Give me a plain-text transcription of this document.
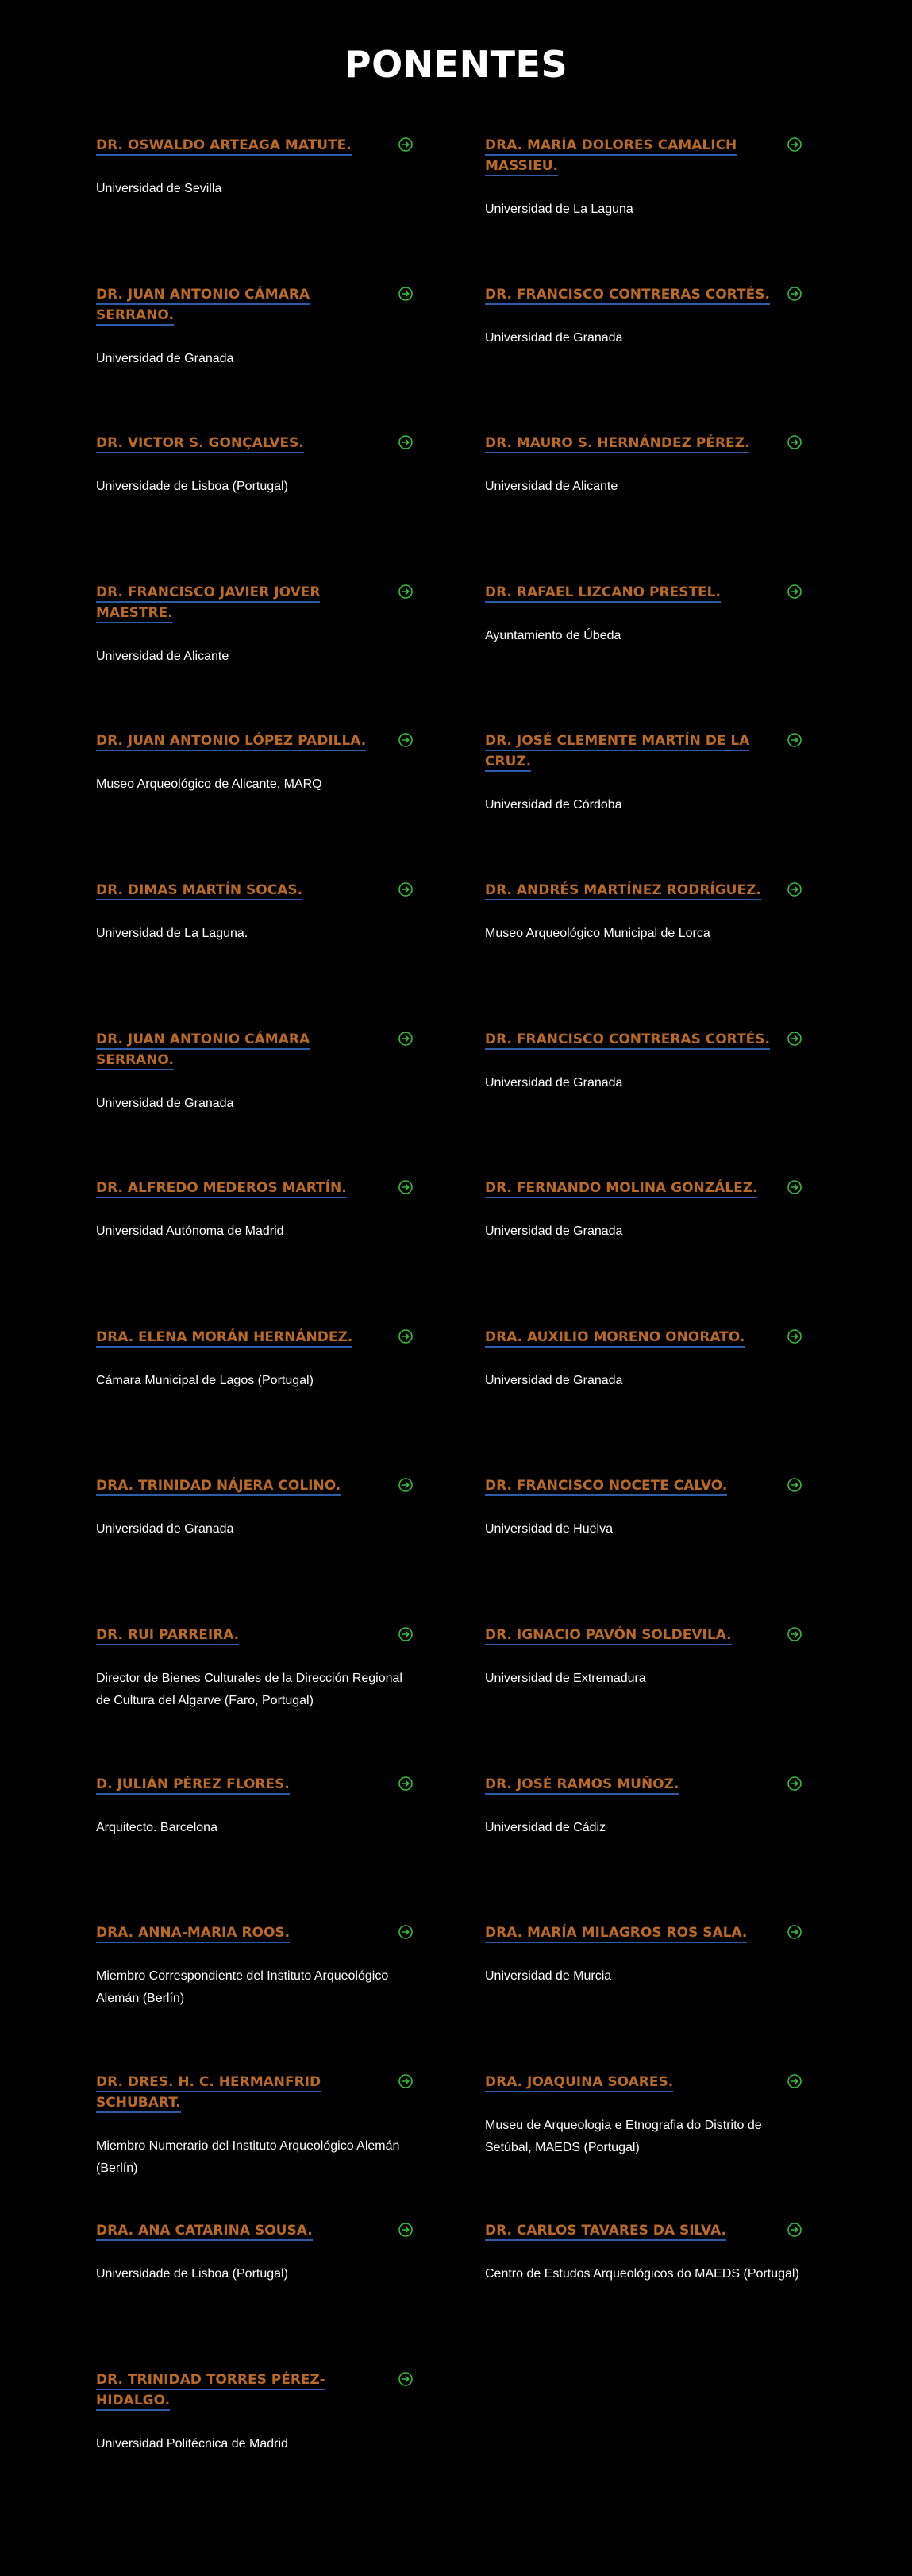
PONENTES
DR. OSWALDO ARTEAGA MATUTE.
Universidad de Sevilla
DRA. MARÍA DOLORES CAMALICH MASSIEU.
Universidad de La Laguna
DR. JUAN ANTONIO CÁMARA SERRANO.
Universidad de Granada
DR. FRANCISCO CONTRERAS CORTÉS.
Universidad de Granada
DR. VICTOR S. GONÇALVES.
Universidade de Lisboa (Portugal)
DR. MAURO S. HERNÁNDEZ PÉREZ.
Universidad de Alicante
DR. FRANCISCO JAVIER JOVER MAESTRE.
Universidad de Alicante
DR. RAFAEL LIZCANO PRESTEL.
Ayuntamiento de Úbeda
DR. JUAN ANTONIO LÓPEZ PADILLA.
Museo Arqueológico de Alicante, MARQ
DR. JOSÉ CLEMENTE MARTÍN DE LA CRUZ.
Universidad de Córdoba
DR. DIMAS MARTÍN SOCAS.
Universidad de La Laguna.
DR. ANDRÉS MARTÍNEZ RODRÍGUEZ.
Museo Arqueológico Municipal de Lorca
DR. JUAN ANTONIO CÁMARA SERRANO.
Universidad de Granada
DR. FRANCISCO CONTRERAS CORTÉS.
Universidad de Granada
DR. ALFREDO MEDEROS MARTÍN.
Universidad Autónoma de Madrid
DR. FERNANDO MOLINA GONZÁLEZ.
Universidad de Granada
DRA. ELENA MORÁN HERNÁNDEZ.
Cámara Municipal de Lagos (Portugal)
DRA. AUXILIO MORENO ONORATO.
Universidad de Granada
DRA. TRINIDAD NÁJERA COLINO.
Universidad de Granada
DR. FRANCISCO NOCETE CALVO.
Universidad de Huelva
DR. RUI PARREIRA.
Director de Bienes Culturales de la Dirección Regional de Cultura del Algarve (Faro, Portugal)
DR. IGNACIO PAVÓN SOLDEVILA.
Universidad de Extremadura
D. JULIÁN PÉREZ FLORES.
Arquitecto. Barcelona
DR. JOSÉ RAMOS MUÑOZ.
Universidad de Cádiz
DRA. ANNA-MARIA ROOS.
Miembro Correspondiente del Instituto Arqueológico Alemán (Berlín)
DRA. MARÍA MILAGROS ROS SALA.
Universidad de Murcia
DR. DRES. H. C. HERMANFRID SCHUBART.
Miembro Numerario del Instituto Arqueológico Alemán (Berlín)
DRA. JOAQUINA SOARES.
Museu de Arqueologia e Etnografia do Distrito de Setúbal, MAEDS (Portugal)
DRA. ANA CATARINA SOUSA.
Universidade de Lisboa (Portugal)
DR. CARLOS TAVARES DA SILVA.
Centro de Estudos Arqueológicos do MAEDS (Portugal)
DR. TRINIDAD TORRES PÉREZ-HIDALGO.
Universidad Politécnica de Madrid
